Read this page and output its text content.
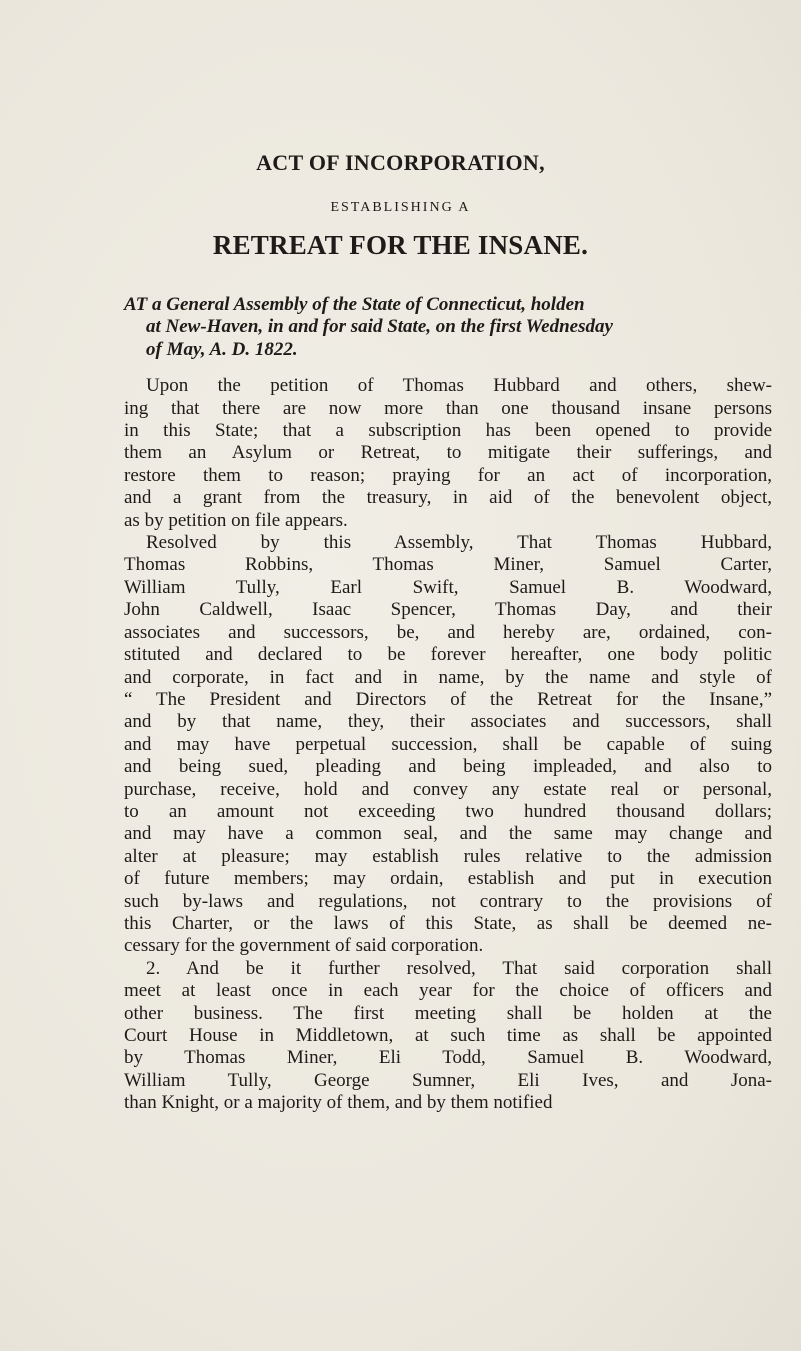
ACT OF INCORPORATION,
ESTABLISHING A
RETREAT FOR THE INSANE.
AT a General Assembly of the State of Connecticut, holden
at New-Haven, in and for said State, on the first Wednesday
of May, A. D. 1822.
Upon the petition of Thomas Hubbard and others, shew-
ing that there are now more than one thousand insane persons
in this State; that a subscription has been opened to provide
them an Asylum or Retreat, to mitigate their sufferings, and
restore them to reason; praying for an act of incorporation,
and a grant from the treasury, in aid of the benevolent object,
as by petition on file appears.
Resolved by this Assembly, That Thomas Hubbard,
Thomas Robbins, Thomas Miner, Samuel Carter,
William Tully, Earl Swift, Samuel B. Woodward,
John Caldwell, Isaac Spencer, Thomas Day, and their
associates and successors, be, and hereby are, ordained, con-
stituted and declared to be forever hereafter, one body politic
and corporate, in fact and in name, by the name and style of
“ The President and Directors of the Retreat for the Insane,”
and by that name, they, their associates and successors, shall
and may have perpetual succession, shall be capable of suing
and being sued, pleading and being impleaded, and also to
purchase, receive, hold and convey any estate real or personal,
to an amount not exceeding two hundred thousand dollars;
and may have a common seal, and the same may change and
alter at pleasure; may establish rules relative to the admission
of future members; may ordain, establish and put in execution
such by-laws and regulations, not contrary to the provisions of
this Charter, or the laws of this State, as shall be deemed ne-
cessary for the government of said corporation.
2. And be it further resolved, That said corporation shall
meet at least once in each year for the choice of officers and
other business. The first meeting shall be holden at the
Court House in Middletown, at such time as shall be appointed
by Thomas Miner, Eli Todd, Samuel B. Woodward,
William Tully, George Sumner, Eli Ives, and Jona-
than Knight, or a majority of them, and by them notified
